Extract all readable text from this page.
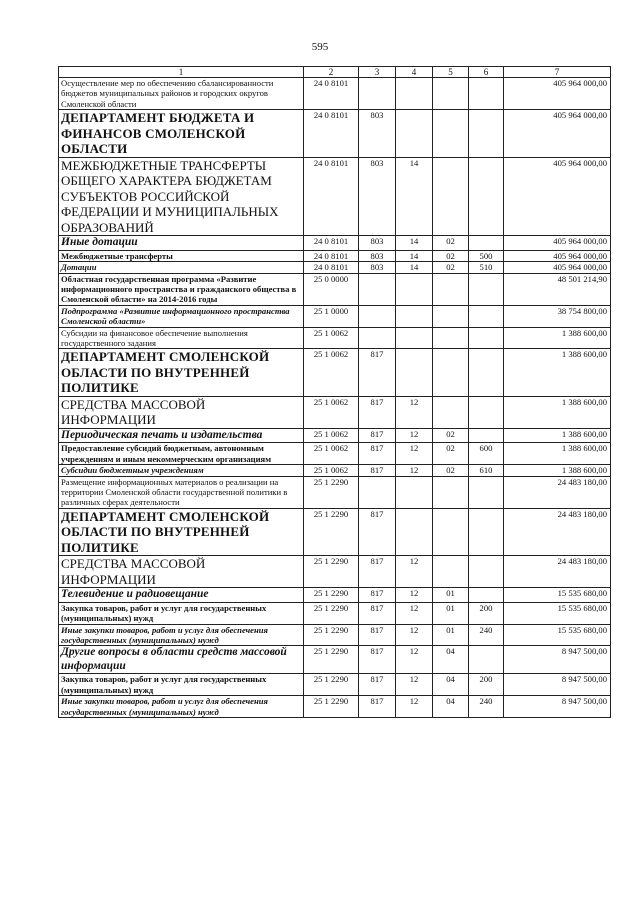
595
1	2	3	4	5	6	7
Осуществление мер по обеспечению сбалансированности бюджетов муниципальных районов и городских округов Смоленской области	24 0 8101					405 964 000,00
ДЕПАРТАМЕНТ БЮДЖЕТА И ФИНАНСОВ СМОЛЕНСКОЙ ОБЛАСТИ	24 0 8101	803				405 964 000,00
МЕЖБЮДЖЕТНЫЕ ТРАНСФЕРТЫ ОБЩЕГО ХАРАКТЕРА БЮДЖЕТАМ СУБЪЕКТОВ РОССИЙСКОЙ ФЕДЕРАЦИИ И МУНИЦИПАЛЬНЫХ ОБРАЗОВАНИЙ	24 0 8101	803	14			405 964 000,00
Иные дотации	24 0 8101	803	14	02		405 964 000,00
Межбюджетные трансферты	24 0 8101	803	14	02	500	405 964 000,00
Дотации	24 0 8101	803	14	02	510	405 964 000,00
Областная государственная программа «Развитие информационного пространства и гражданского общества в Смоленской области» на 2014-2016 годы	25 0 0000					48 501 214,90
Подпрограмма «Развитие информационного пространства Смоленской области»	25 1 0000					38 754 800,00
Субсидии на финансовое обеспечение выполнения государственного задания	25 1 0062					1 388 600,00
ДЕПАРТАМЕНТ СМОЛЕНСКОЙ ОБЛАСТИ ПО ВНУТРЕННЕЙ ПОЛИТИКЕ	25 1 0062	817				1 388 600,00
СРЕДСТВА МАССОВОЙ ИНФОРМАЦИИ	25 1 0062	817	12			1 388 600,00
Периодическая печать и издательства	25 1 0062	817	12	02		1 388 600,00
Предоставление субсидий бюджетным, автономным учреждениям и иным некоммерческим организациям	25 1 0062	817	12	02	600	1 388 600,00
Субсидии бюджетным учреждениям	25 1 0062	817	12	02	610	1 388 600,00
Размещение информационных материалов о реализации на территории Смоленской области государственной политики в различных сферах деятельности	25 1 2290					24 483 180,00
ДЕПАРТАМЕНТ СМОЛЕНСКОЙ ОБЛАСТИ ПО ВНУТРЕННЕЙ ПОЛИТИКЕ	25 1 2290	817				24 483 180,00
СРЕДСТВА МАССОВОЙ ИНФОРМАЦИИ	25 1 2290	817	12			24 483 180,00
Телевидение и радиовещание	25 1 2290	817	12	01		15 535 680,00
Закупка товаров, работ и услуг для государственных (муниципальных) нужд	25 1 2290	817	12	01	200	15 535 680,00
Иные закупки товаров, работ и услуг для обеспечения государственных (муниципальных) нужд	25 1 2290	817	12	01	240	15 535 680,00
Другие вопросы в области средств массовой информации	25 1 2290	817	12	04		8 947 500,00
Закупка товаров, работ и услуг для государственных (муниципальных) нужд	25 1 2290	817	12	04	200	8 947 500,00
Иные закупки товаров, работ и услуг для обеспечения государственных (муниципальных) нужд	25 1 2290	817	12	04	240	8 947 500,00
